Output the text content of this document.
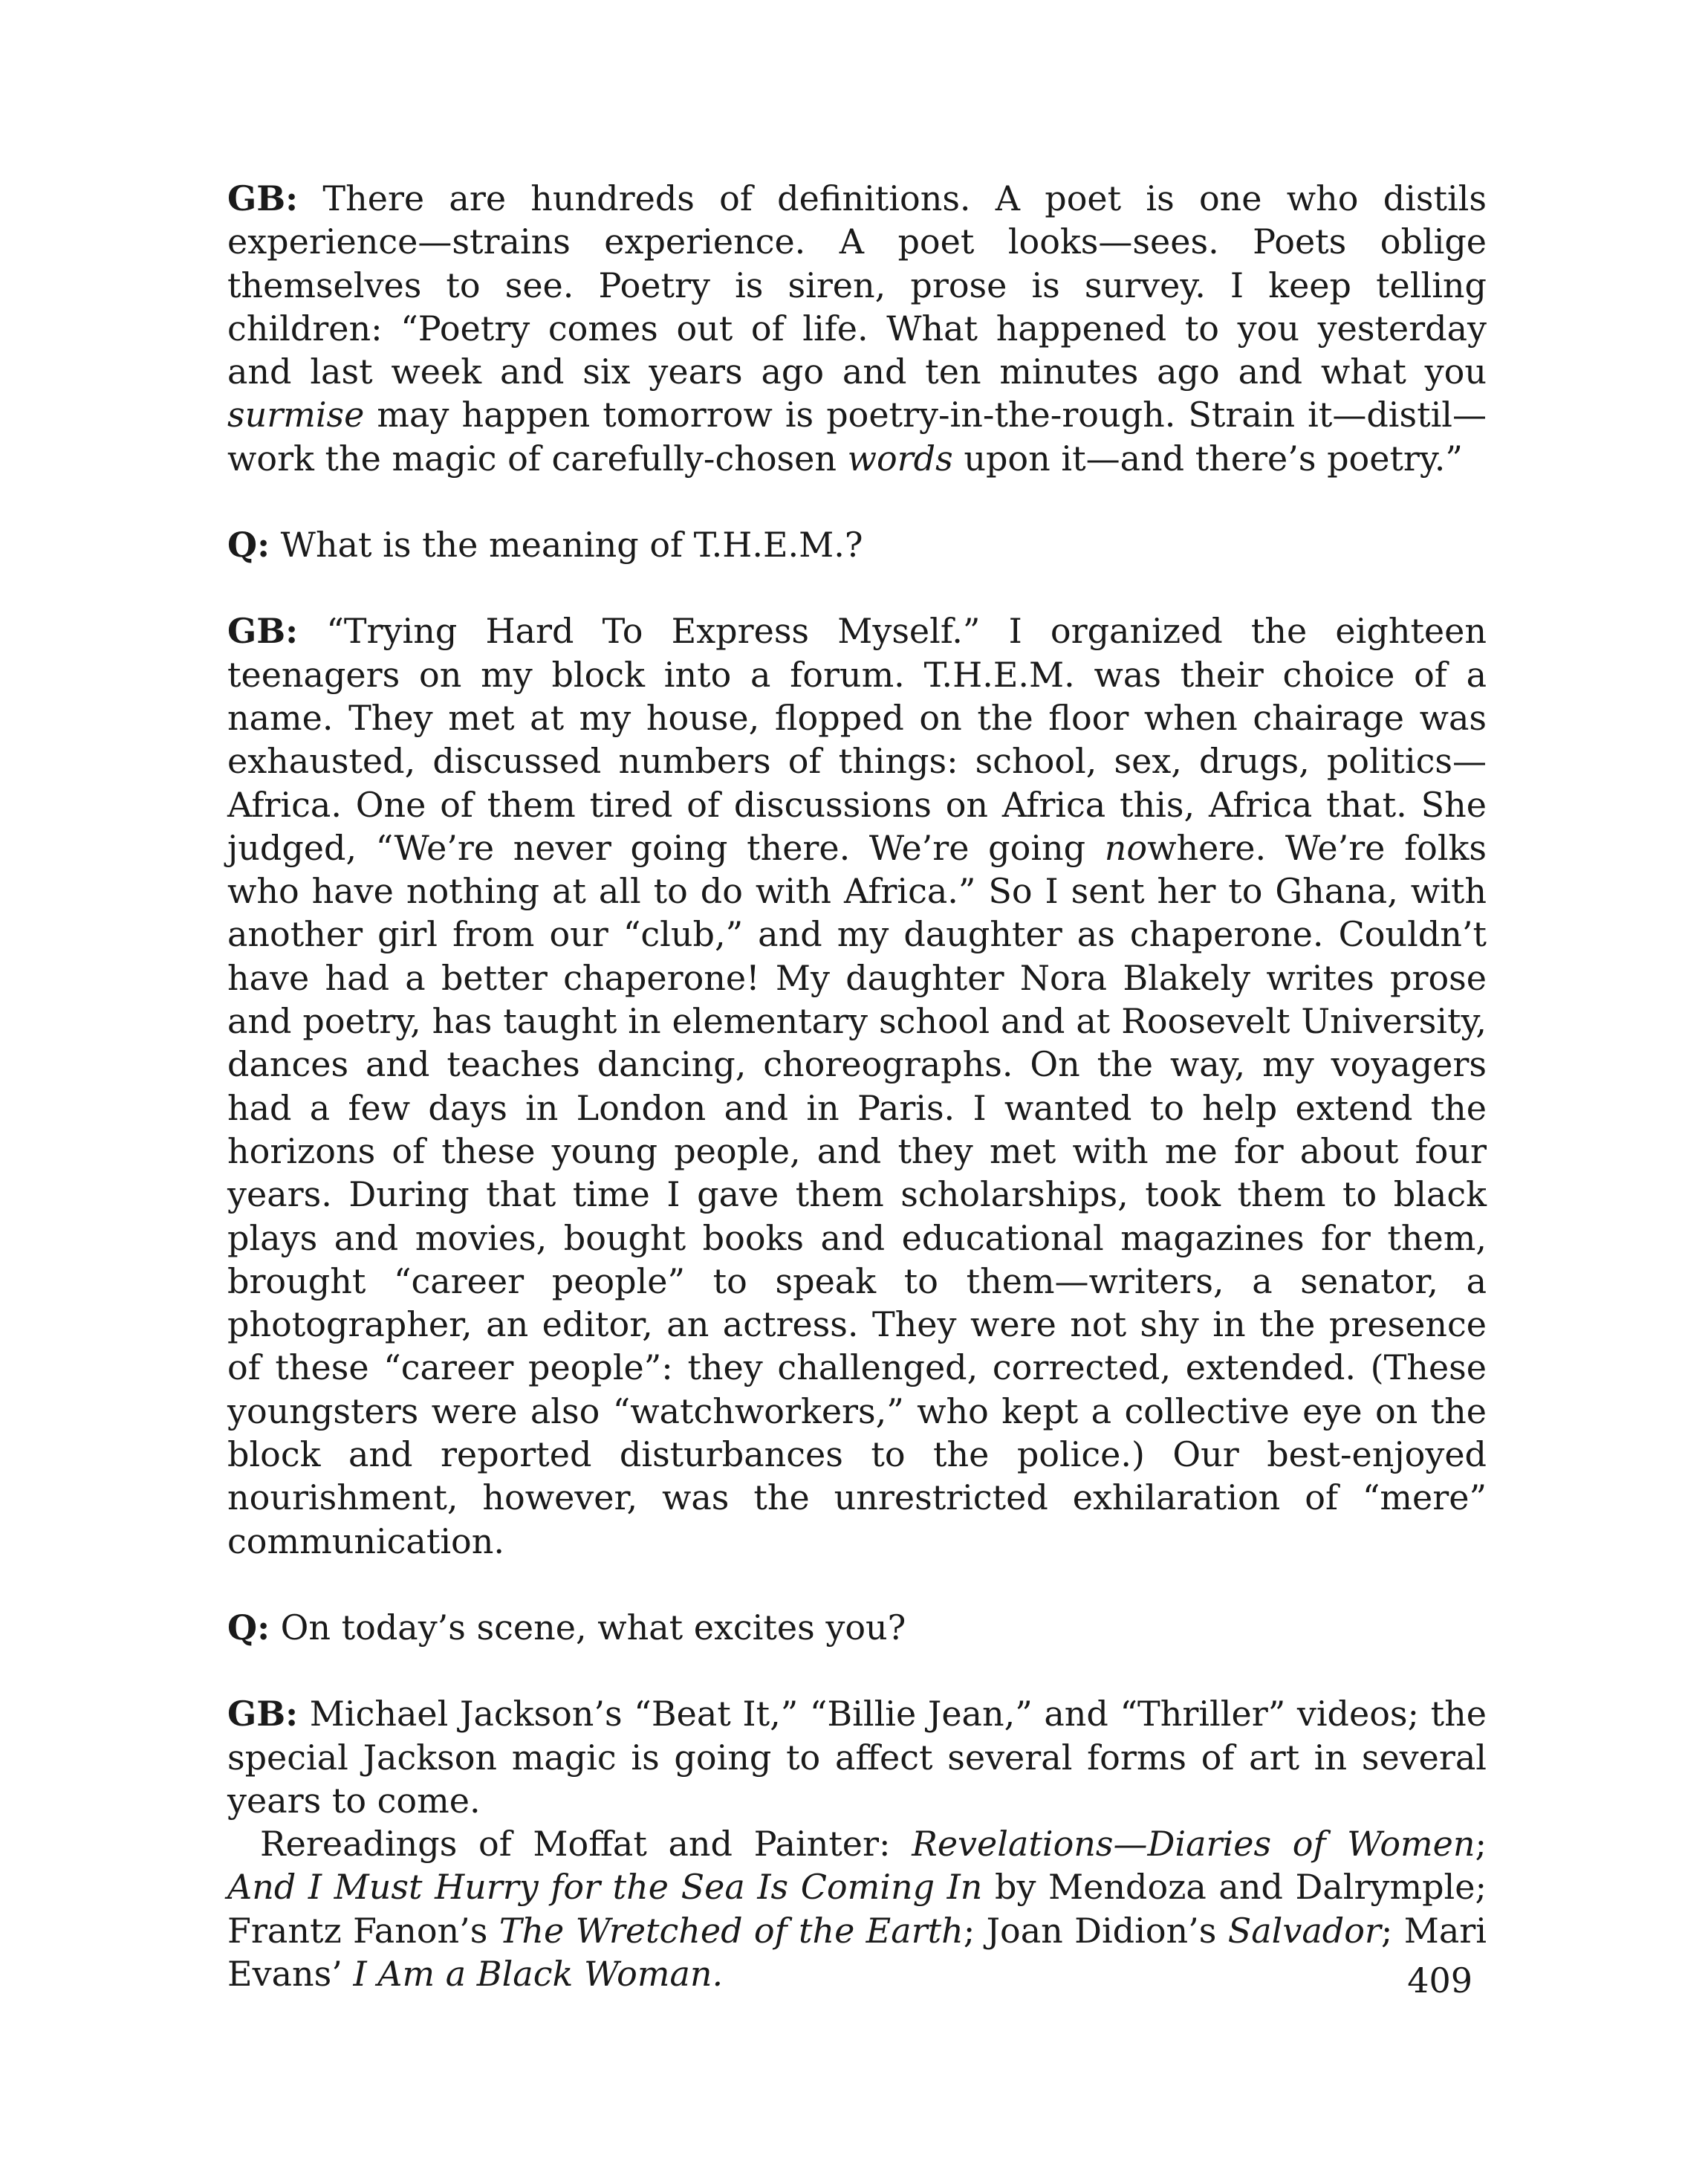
GB: There are hundreds of definitions. A poet is one who distils experience—strains experience. A poet looks—sees. Poets oblige themselves to see. Poetry is siren, prose is survey. I keep telling children: “Poetry comes out of life. What happened to you yesterday and last week and six years ago and ten minutes ago and what you surmise may happen tomorrow is poetry-in-the-rough. Strain it—distil—work the magic of carefully-chosen words upon it—and there’s poetry.”

Q: What is the meaning of T.H.E.M.?

GB: “Trying Hard To Express Myself.” I organized the eighteen teenagers on my block into a forum. T.H.E.M. was their choice of a name. They met at my house, flopped on the floor when chairage was exhausted, discussed numbers of things: school, sex, drugs, politics—Africa. One of them tired of discussions on Africa this, Africa that. She judged, “We’re never going there. We’re going nowhere. We’re folks who have nothing at all to do with Africa.” So I sent her to Ghana, with another girl from our “club,” and my daughter as chaperone. Couldn’t have had a better chaperone! My daughter Nora Blakely writes prose and poetry, has taught in elementary school and at Roosevelt University, dances and teaches dancing, choreographs. On the way, my voyagers had a few days in London and in Paris. I wanted to help extend the horizons of these young people, and they met with me for about four years. During that time I gave them scholarships, took them to black plays and movies, bought books and educational magazines for them, brought “career people” to speak to them—writers, a senator, a photographer, an editor, an actress. They were not shy in the presence of these “career people”: they challenged, corrected, extended. (These youngsters were also “watchworkers,” who kept a collective eye on the block and reported disturbances to the police.) Our best-enjoyed nourishment, however, was the unrestricted exhilaration of “mere” communication.

Q: On today’s scene, what excites you?

GB: Michael Jackson’s “Beat It,” “Billie Jean,” and “Thriller” videos; the special Jackson magic is going to affect several forms of art in several years to come.

Rereadings of Moffat and Painter: Revelations—Diaries of Women; And I Must Hurry for the Sea Is Coming In by Mendoza and Dalrymple; Frantz Fanon’s The Wretched of the Earth; Joan Didion’s Salvador; Mari Evans’ I Am a Black Woman.	409
